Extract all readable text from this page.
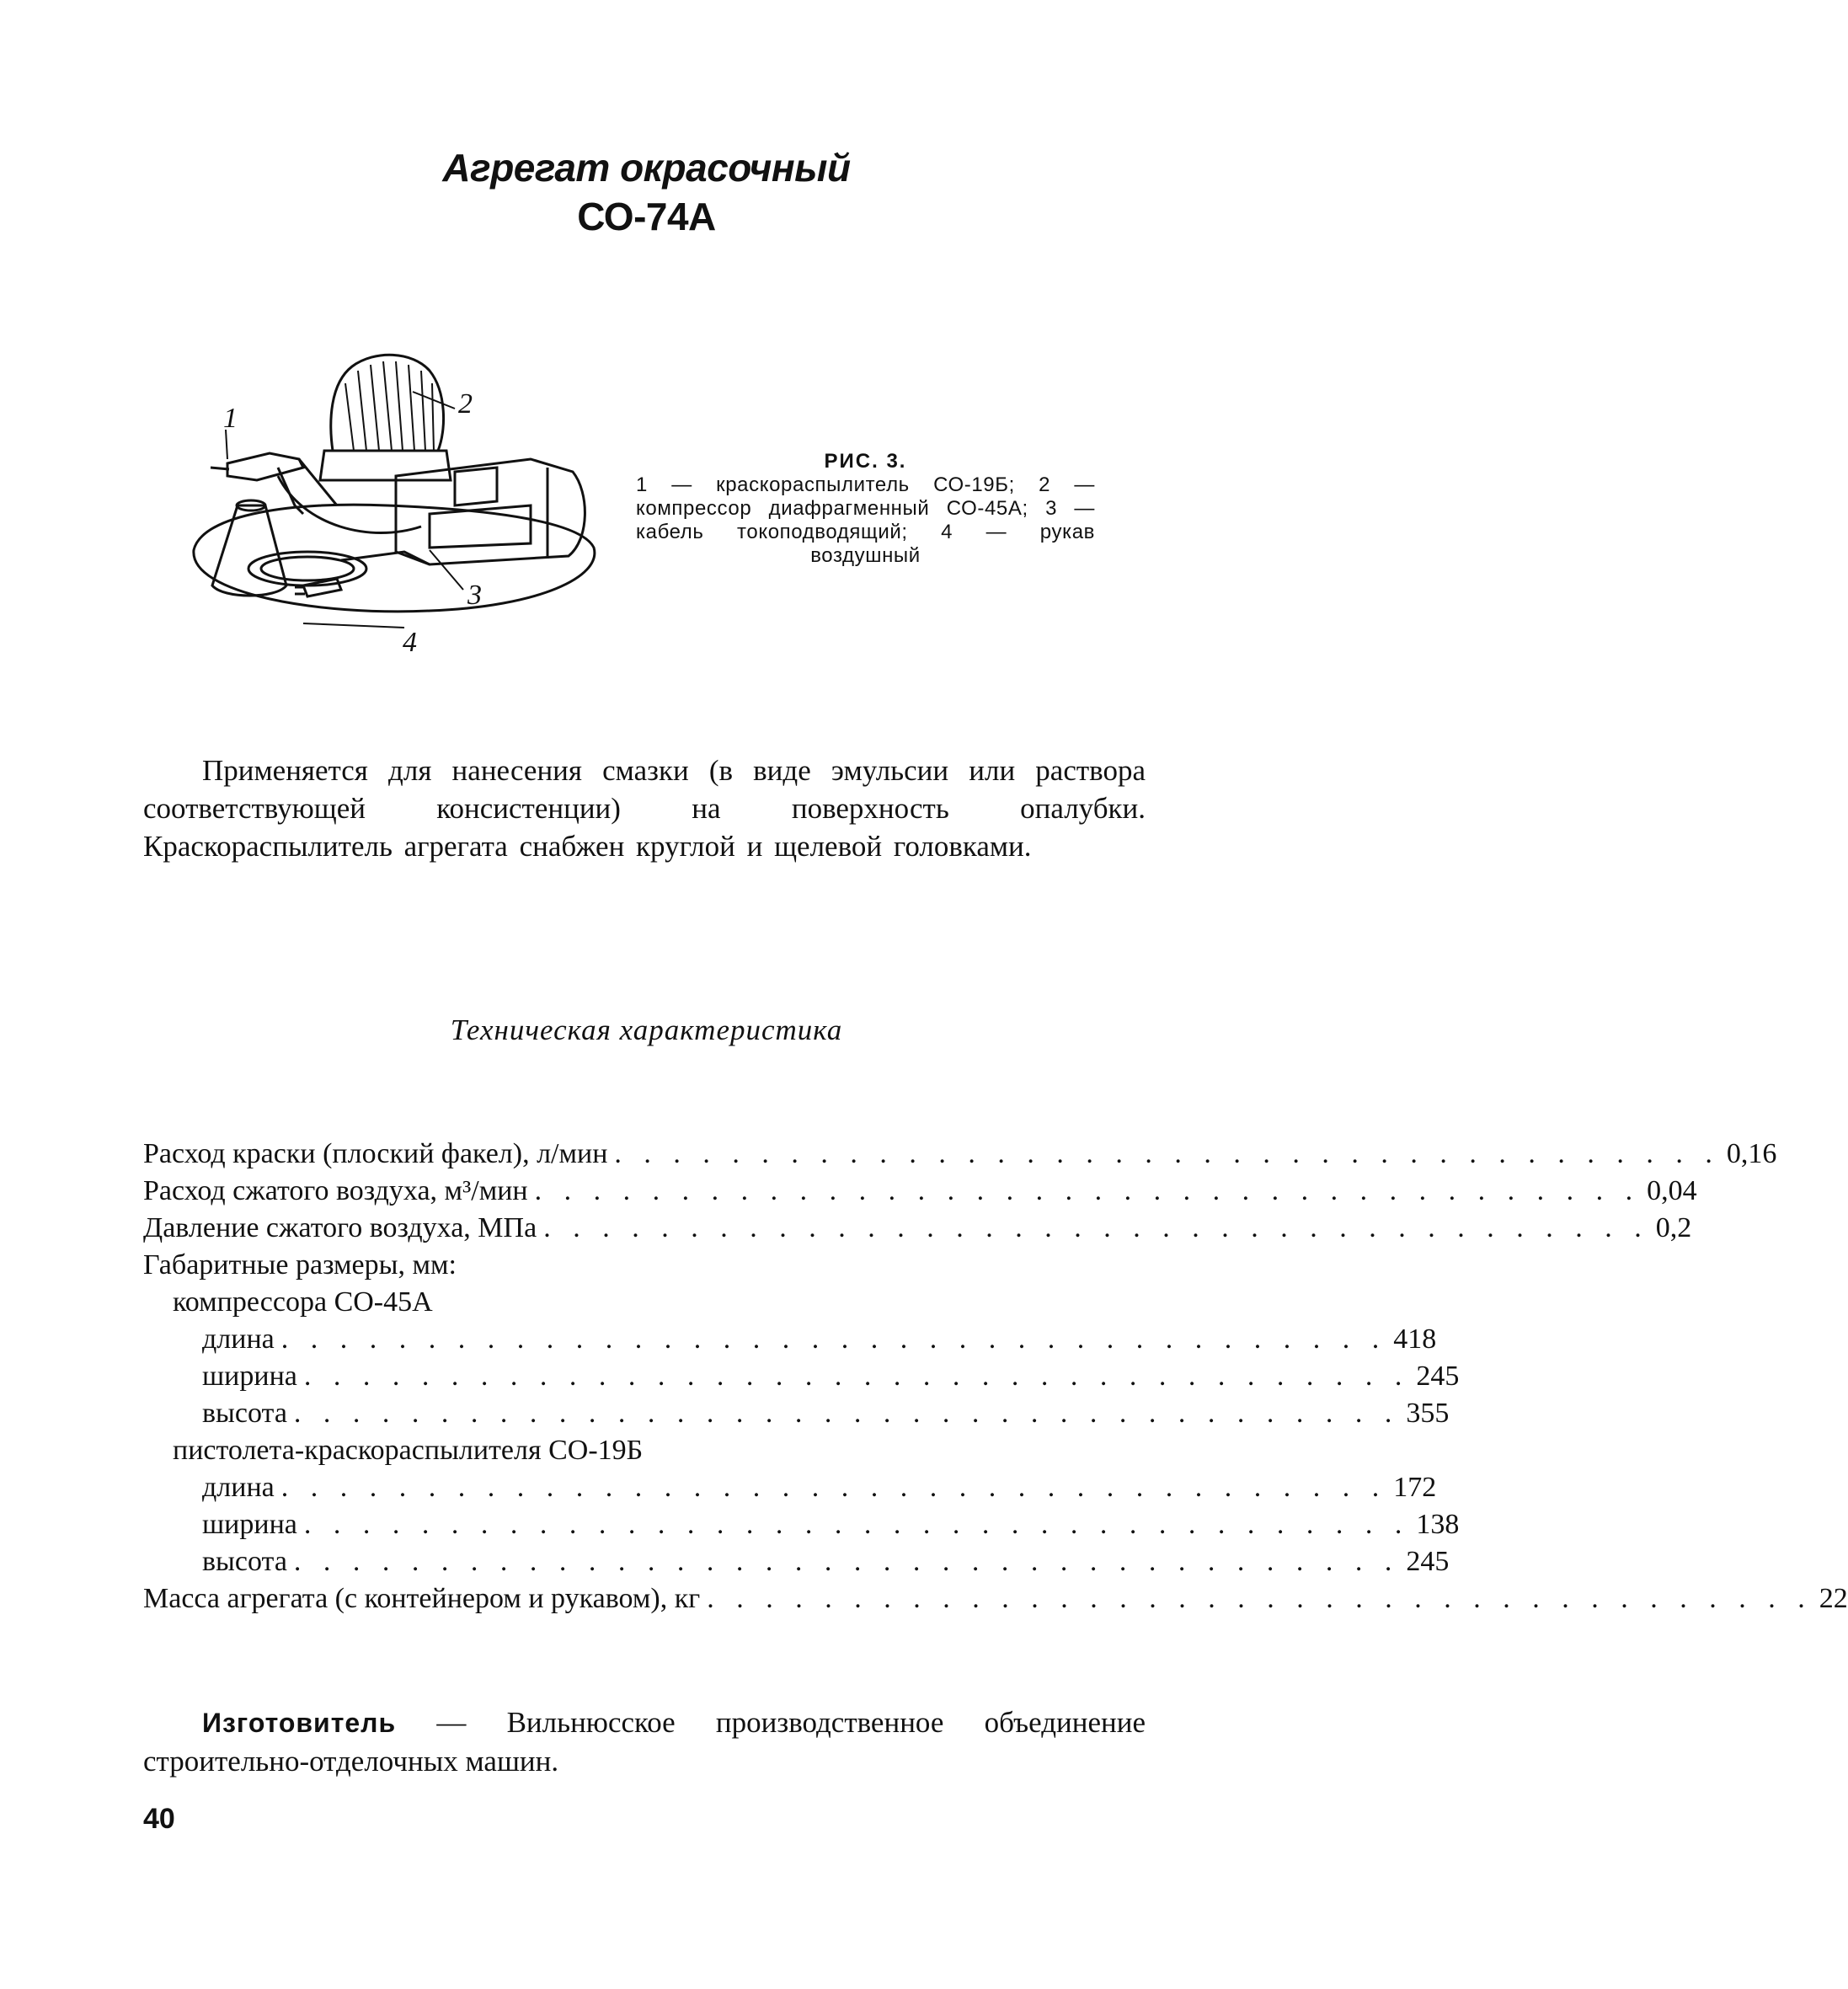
Агрегат окрасочный
СО-74А
2
1
3
4
РИС. 3.
1 — краскораспылитель СО-19Б; 2 — компрессор диафрагменный СО-45А; 3 — кабель токоподводящий; 4 — рукав воздушный

Применяется для нанесения смазки (в виде эмульсии или раствора соответствующей консистенции) на поверхность опалубки. Краскораспылитель агрегата снабжен круглой и щелевой головками.

Техническая характеристика
Расход краски (плоский факел), л/мин . . . . . . . . . . . . . . . . . . . . . . . . . . . . . . . . . . . . . . 0,16
Расход сжатого воздуха, м³/мин . . . . . . . . . . . . . . . . . . . . . . . . . . . . . . . . . . . . . . 0,04
Давление сжатого воздуха, МПа . . . . . . . . . . . . . . . . . . . . . . . . . . . . . . . . . . . . . . 0,2
Габаритные размеры, мм:
компрессора СО-45А
длина . . . . . . . . . . . . . . . . . . . . . . . . . . . . . . . . . . . . . . 418
ширина . . . . . . . . . . . . . . . . . . . . . . . . . . . . . . . . . . . . . . 245
высота . . . . . . . . . . . . . . . . . . . . . . . . . . . . . . . . . . . . . . 355
пистолета-краскораспылителя СО-19Б
длина . . . . . . . . . . . . . . . . . . . . . . . . . . . . . . . . . . . . . . 172
ширина . . . . . . . . . . . . . . . . . . . . . . . . . . . . . . . . . . . . . . 138
высота . . . . . . . . . . . . . . . . . . . . . . . . . . . . . . . . . . . . . . 245
Масса агрегата (с контейнером и рукавом), кг . . . . . . . . . . . . . . . . . . . . . . . . . . . . . . . . . . . . . . 22

Изготовитель — Вильнюсское производственное объединение строительно-отделочных машин.

40
